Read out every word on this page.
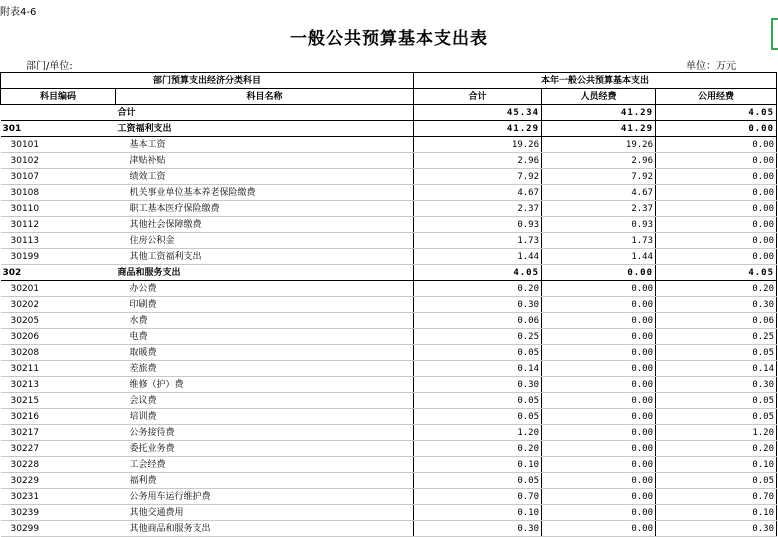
附表4-6
一般公共预算基本支出表
部门/单位:	单位：万元
部门预算支出经济分类科目		本年一般公共预算基本支出		
科目编码	科目名称	合计	人员经费	公用经费
	合计	45.34	41.29	4.05
301	工资福利支出	41.29	41.29	0.00
30101	基本工资	19.26	19.26	0.00
30102	津贴补贴	2.96	2.96	0.00
30107	绩效工资	7.92	7.92	0.00
30108	机关事业单位基本养老保险缴费	4.67	4.67	0.00
30110	职工基本医疗保险缴费	2.37	2.37	0.00
30112	其他社会保障缴费	0.93	0.93	0.00
30113	住房公积金	1.73	1.73	0.00
30199	其他工资福利支出	1.44	1.44	0.00
302	商品和服务支出	4.05	0.00	4.05
30201	办公费	0.20	0.00	0.20
30202	印刷费	0.30	0.00	0.30
30205	水费	0.06	0.00	0.06
30206	电费	0.25	0.00	0.25
30208	取暖费	0.05	0.00	0.05
30211	差旅费	0.14	0.00	0.14
30213	维修（护）费	0.30	0.00	0.30
30215	会议费	0.05	0.00	0.05
30216	培训费	0.05	0.00	0.05
30217	公务接待费	1.20	0.00	1.20
30227	委托业务费	0.20	0.00	0.20
30228	工会经费	0.10	0.00	0.10
30229	福利费	0.05	0.00	0.05
30231	公务用车运行维护费	0.70	0.00	0.70
30239	其他交通费用	0.10	0.00	0.10
30299	其他商品和服务支出	0.30	0.00	0.30
